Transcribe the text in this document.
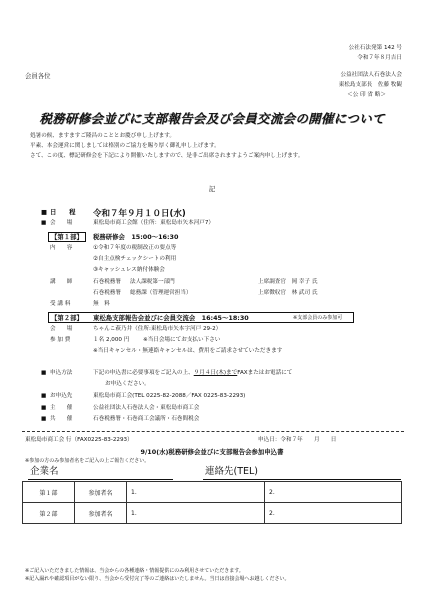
公社石法発第 142 号
令和７年８月吉日
会員各位	公益社団法人石巻法人会
東松島支部長　佐藤 牧観
＜公 印 省 略＞
税務研修会並びに支部報告会及び会員交流会の開催について
処暑の候、ますますご隆昌のこととお慶び申し上げます。
平素、本会運営に関しましては格別のご協力を賜り厚く御礼申し上げます。
さて、この度、標記研修会を下記により開催いたしますので、是非ご出席されますようご案内申し上げます。
記
■ 日　　程 令和７年９月１０日(水)
■ 会　　場	東松島市商工会館（住所：東松島市矢本河戸7）
【第１部】	税務研修会　15:00～16:30
内　　容	①令和７年度の税制改正の要点等
②自主点検チェックシートの利用
③キャッシュレス納付体験会
講　　師	石巻税務署 法人課税第一部門	上席調査官　岡 幸子 氏
石巻税務署 総務課（管理運営担当）	上席徴収官　林 武司 氏
受 講 料	無　料
【第２部】 東松島支部報告会並びに会員交流会　16:45～18:30	※支部会員のみ参加可
会　　場	ちゃんこ萩乃井（住所:東松島市矢本字河戸 29-2）
参 加 費	１名 2,000 円 ※当日会場にてお支払い下さい
※当日キャンセル・無連絡キャンセルは、費用をご請求させていただきます
■ 申込方法	下記の申込書に必要事項をご記入の上、９月４日(木)までFAXまたはお電話にて
お申込ください。
■ お申込先	東松島市商工会(TEL 0225-82-2088／FAX 0225-83-2293)
■ 主　　催	公益社団法人石巻法人会・東松島市商工会
■ 共　　催	石巻税務署・石巻商工会議所・石巻間税会
東松島市商工会 行（FAX0225-83-2293）	申込日：令和７年　　月　　日
9/10(水)税務研修会並びに支部報告会参加申込書
※参加の方のみ参加者名をご記入の上ご報告ください。
企業名	連絡先(TEL)
第１部	参加者名	1.	2.
第２部	参加者名	1.	2.
※ご記入いただきました情報は、当会からの各種連絡・情報提供にのみ利用させていただきます。
※記入漏れや確認項目がない限り、当会から受付完了等のご連絡はいたしません。当日は直接会場へお越しください。
